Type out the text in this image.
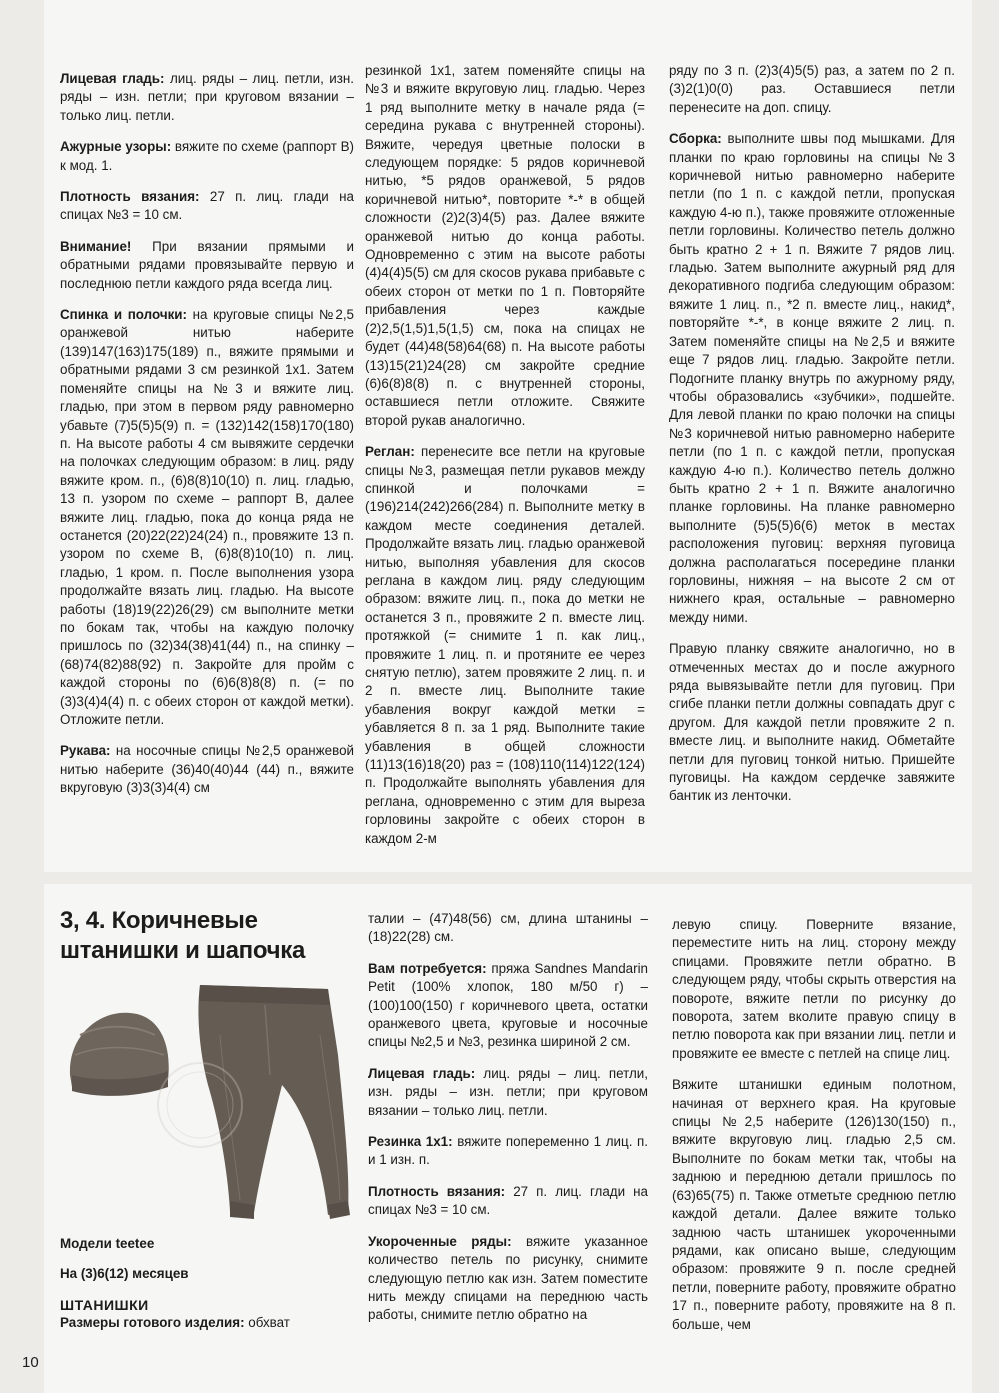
Лицевая гладь: лиц. ряды – лиц. петли, изн. ряды – изн. петли; при круговом вязании – только лиц. петли.

Ажурные узоры: вяжите по схеме (раппорт В) к мод. 1.

Плотность вязания: 27 п. лиц. глади на спицах №3 = 10 см.

Внимание! При вязании прямыми и обратными рядами провязывайте первую и последнюю петли каждого ряда всегда лиц.

Спинка и полочки: на круговые спицы №2,5 оранжевой нитью наберите (139)147(163)175(189) п., вяжите прямыми и обратными рядами 3 см резинкой 1х1. Затем поменяйте спицы на №3 и вяжите лиц. гладью, при этом в первом ряду равномерно убавьте (7)5(5)5(9) п. = (132)142(158)170(180) п. На высоте работы 4 см вывяжите сердечки на полочках следующим образом: в лиц. ряду вяжите кром. п., (6)8(8)10(10) п. лиц. гладью, 13 п. узором по схеме – раппорт В, далее вяжите лиц. гладью, пока до конца ряда не останется (20)22(22)24(24) п., провяжите 13 п. узором по схеме В, (6)8(8)10(10) п. лиц. гладью, 1 кром. п. После выполнения узора продолжайте вязать лиц. гладью. На высоте работы (18)19(22)26(29) см выполните метки по бокам так, чтобы на каждую полочку пришлось по (32)34(38)41(44) п., на спинку – (68)74(82)88(92) п. Закройте для пройм с каждой стороны по (6)6(8)8(8) п. (= по (3)3(4)4(4) п. с обеих сторон от каждой метки). Отложите петли.

Рукава: на носочные спицы №2,5 оранжевой нитью наберите (36)40(40)44 (44) п., вяжите вкруговую (3)3(3)4(4) см

резинкой 1х1, затем поменяйте спицы на №3 и вяжите вкруговую лиц. гладью. Через 1 ряд выполните метку в начале ряда (= середина рукава с внутренней стороны). Вяжите, чередуя цветные полоски в следующем порядке: 5 рядов коричневой нитью, *5 рядов оранжевой, 5 рядов коричневой нитью*, повторите *-* в общей сложности (2)2(3)4(5) раз. Далее вяжите оранжевой нитью до конца работы. Одновременно с этим на высоте работы (4)4(4)5(5) см для скосов рукава прибавьте с обеих сторон от метки по 1 п. Повторяйте прибавления через каждые (2)2,5(1,5)1,5(1,5) см, пока на спицах не будет (44)48(58)64(68) п. На высоте работы (13)15(21)24(28) см закройте средние (6)6(8)8(8) п. с внутренней стороны, оставшиеся петли отложите. Свяжите второй рукав аналогично.

Реглан: перенесите все петли на круговые спицы №3, размещая петли рукавов между спинкой и полочками = (196)214(242)266(284) п. Выполните метку в каждом месте соединения деталей. Продолжайте вязать лиц. гладью оранжевой нитью, выполняя убавления для скосов реглана в каждом лиц. ряду следующим образом: вяжите лиц. п., пока до метки не останется 3 п., провяжите 2 п. вместе лиц. протяжкой (= снимите 1 п. как лиц., провяжите 1 лиц. п. и протяните ее через снятую петлю), затем провяжите 2 лиц. п. и 2 п. вместе лиц. Выполните такие убавления вокруг каждой метки = убавляется 8 п. за 1 ряд. Выполните такие убавления в общей сложности (11)13(16)18(20) раз = (108)110(114)122(124) п. Продолжайте выполнять убавления для реглана, одновременно с этим для выреза горловины закройте с обеих сторон в каждом 2-м

ряду по 3 п. (2)3(4)5(5) раз, а затем по 2 п. (3)2(1)0(0) раз. Оставшиеся петли перенесите на доп. спицу.

Сборка: выполните швы под мышками. Для планки по краю горловины на спицы №3 коричневой нитью равномерно наберите петли (по 1 п. с каждой петли, пропуская каждую 4-ю п.), также провяжите отложенные петли горловины. Количество петель должно быть кратно 2 + 1 п. Вяжите 7 рядов лиц. гладью. Затем выполните ажурный ряд для декоративного подгиба следующим образом: вяжите 1 лиц. п., *2 п. вместе лиц., накид*, повторяйте *-*, в конце вяжите 2 лиц. п. Затем поменяйте спицы на №2,5 и вяжите еще 7 рядов лиц. гладью. Закройте петли. Подогните планку внутрь по ажурному ряду, чтобы образовались «зубчики», подшейте. Для левой планки по краю полочки на спицы №3 коричневой нитью равномерно наберите петли (по 1 п. с каждой петли, пропуская каждую 4-ю п.). Количество петель должно быть кратно 2 + 1 п. Вяжите аналогично планке горловины. На планке равномерно выполните (5)5(5)6(6) меток в местах расположения пуговиц: верхняя пуговица должна располагаться посередине планки горловины, нижняя – на высоте 2 см от нижнего края, остальные – равномерно между ними.

Правую планку свяжите аналогично, но в отмеченных местах до и после ажурного ряда вывязывайте петли для пуговиц. При сгибе планки петли должны совпадать друг с другом. Для каждой петли провяжите 2 п. вместе лиц. и выполните накид. Обметайте петли для пуговиц тонкой нитью. Пришейте пуговицы. На каждом сердечке завяжите бантик из ленточки.

3, 4. Коричневые
штанишки и шапочка

Модели teetee

На (3)6(12) месяцев

ШТАНИШКИ

Размеры готового изделия: обхват

талии – (47)48(56) см, длина штанины – (18)22(28) см.

Вам потребуется: пряжа Sandnes Mandarin Petit (100% хлопок, 180 м/50 г) – (100)100(150) г коричневого цвета, остатки оранжевого цвета, круговые и носочные спицы №2,5 и №3, резинка шириной 2 см.

Лицевая гладь: лиц. ряды – лиц. петли, изн. ряды – изн. петли; при круговом вязании – только лиц. петли.

Резинка 1х1: вяжите попеременно 1 лиц. п. и 1 изн. п.

Плотность вязания: 27 п. лиц. глади на спицах №3 = 10 см.

Укороченные ряды: вяжите указанное количество петель по рисунку, снимите следующую петлю как изн. Затем поместите нить между спицами на переднюю часть работы, снимите петлю обратно на

левую спицу. Поверните вязание, переместите нить на лиц. сторону между спицами. Провяжите петли обратно. В следующем ряду, чтобы скрыть отверстия на повороте, вяжите петли по рисунку до поворота, затем вколите правую спицу в петлю поворота как при вязании лиц. петли и провяжите ее вместе с петлей на спице лиц.

Вяжите штанишки единым полотном, начиная от верхнего края. На круговые спицы №2,5 наберите (126)130(150) п., вяжите вкруговую лиц. гладью 2,5 см. Выполните по бокам метки так, чтобы на заднюю и переднюю детали пришлось по (63)65(75) п. Также отметьте среднюю петлю каждой детали. Далее вяжите только заднюю часть штанишек укороченными рядами, как описано выше, следующим образом: провяжите 9 п. после средней петли, поверните работу, провяжите обратно 17 п., поверните работу, провяжите на 8 п. больше, чем

10
